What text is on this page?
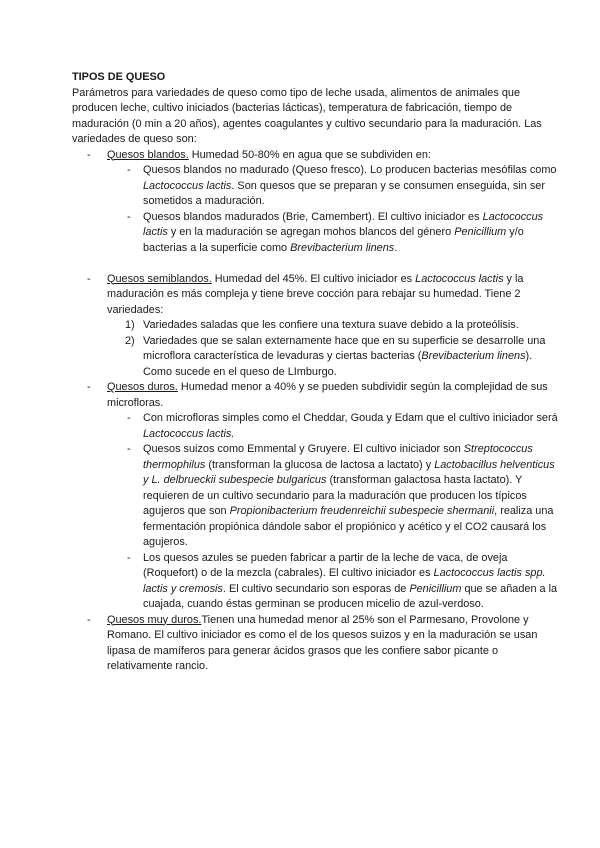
TIPOS DE QUESO

Parámetros para variedades de queso como tipo de leche usada, alimentos de animales que producen leche, cultivo iniciados (bacterias lácticas), temperatura de fabricación, tiempo de maduración (0 min a 20 años), agentes coagulantes y cultivo secundario para la maduración. Las variedades de queso son:

- Quesos blandos. Humedad 50-80% en agua que se subdividen en:
- Quesos blandos no madurado (Queso fresco). Lo producen bacterias mesófilas como Lactococcus lactis. Son quesos que se preparan y se consumen enseguida, sin ser sometidos a maduración.
- Quesos blandos madurados (Brie, Camembert). El cultivo iniciador es Lactococcus lactis y en la maduración se agregan mohos blancos del género Penicillium y/o bacterias a la superficie como Brevibacterium linens.
- Quesos semiblandos. Humedad del 45%. El cultivo iniciador es Lactococcus lactis y la maduración es más compleja y tiene breve cocción para rebajar su humedad. Tiene 2 variedades:
1) Variedades saladas que les confiere una textura suave debido a la proteólisis.
2) Variedades que se salan externamente hace que en su superficie se desarrolle una microflora característica de levaduras y ciertas bacterias (Brevibacterium linens). Como sucede en el queso de LImburgo.
- Quesos duros. Humedad menor a 40% y se pueden subdividir según la complejidad de sus microfloras.
- Con microfloras simples como el Cheddar, Gouda y Edam que el cultivo iniciador será Lactococcus lactis.
- Quesos suizos como Emmental y Gruyere. El cultivo iniciador son Streptococcus thermophilus (transforman la glucosa de lactosa a lactato) y Lactobacillus helventicus y L. delbrueckii subespecie bulgaricus (transforman galactosa hasta lactato). Y requieren de un cultivo secundario para la maduración que producen los típicos agujeros que son Propionibacterium freudenreichii subespecie shermanii, realiza una fermentación propiónica dándole sabor el propiónico y acético y el CO2 causará los agujeros.
- Los quesos azules se pueden fabricar a partir de la leche de vaca, de oveja (Roquefort) o de la mezcla (cabrales). El cultivo iniciador es Lactococcus lactis spp. lactis y cremosis. El cultivo secundario son esporas de Penicillium que se añaden a la cuajada, cuando éstas germinan se producen micelio de azul-verdoso.
- Quesos muy duros.Tienen una humedad menor al 25% son el Parmesano, Provolone y Romano. El cultivo iniciador es como el de los quesos suizos y en la maduración se usan lipasa de mamíferos para generar ácidos grasos que les confiere sabor picante o relativamente rancio.
